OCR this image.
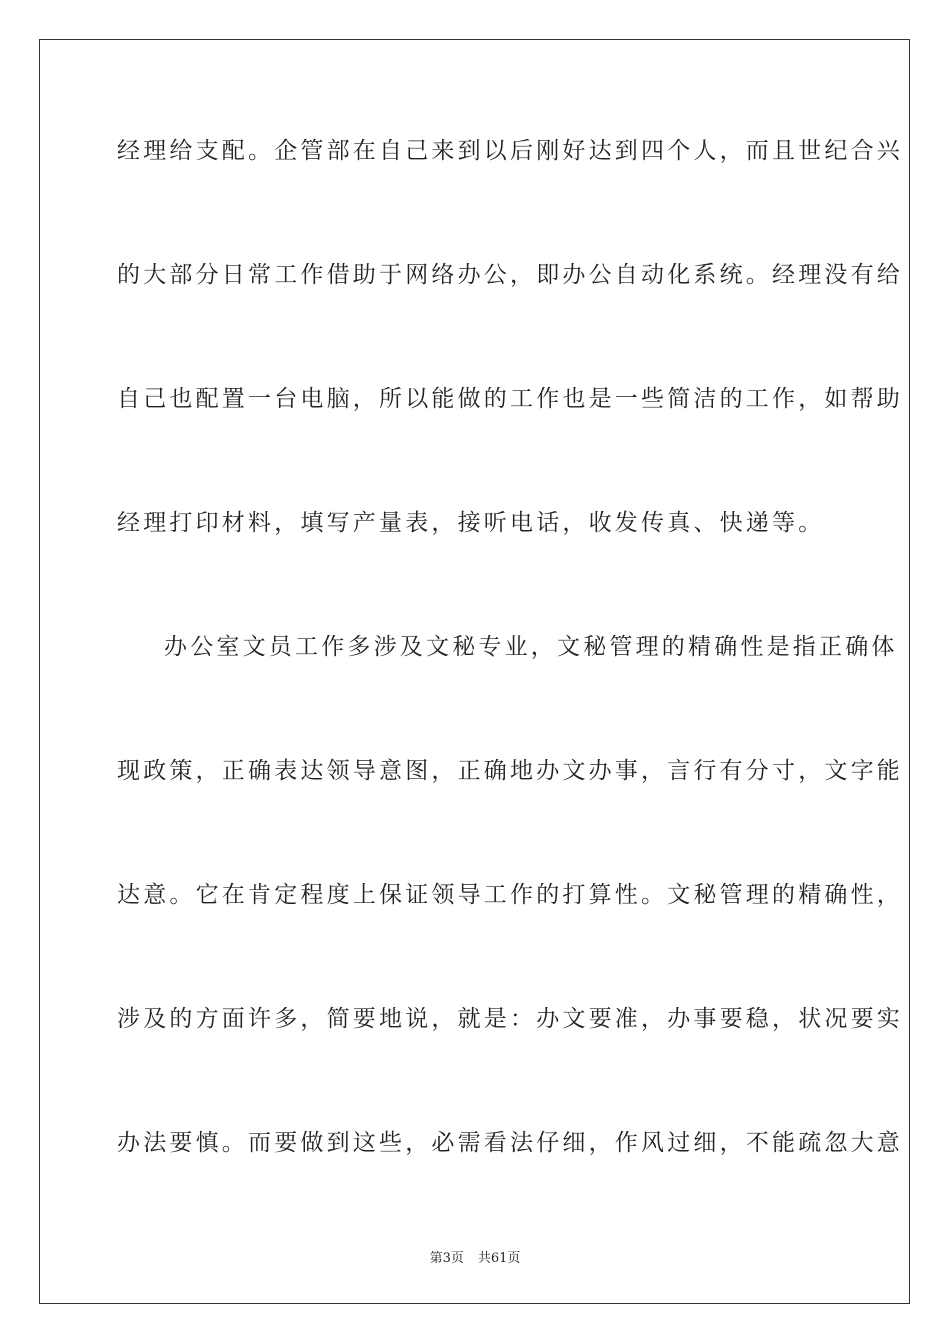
经理给支配。企管部在自己来到以后刚好达到四个人，而且世纪合兴
的大部分日常工作借助于网络办公，即办公自动化系统。经理没有给
自己也配置一台电脑，所以能做的工作也是一些简洁的工作，如帮助
经理打印材料，填写产量表，接听电话，收发传真、快递等。
办公室文员工作多涉及文秘专业，文秘管理的精确性是指正确体
现政策，正确表达领导意图，正确地办文办事，言行有分寸，文字能
达意。它在肯定程度上保证领导工作的打算性。文秘管理的精确性，
涉及的方面许多，简要地说，就是：办文要准，办事要稳，状况要实
办法要慎。而要做到这些，必需看法仔细，作风过细，不能疏忽大意
第3页 共61页
